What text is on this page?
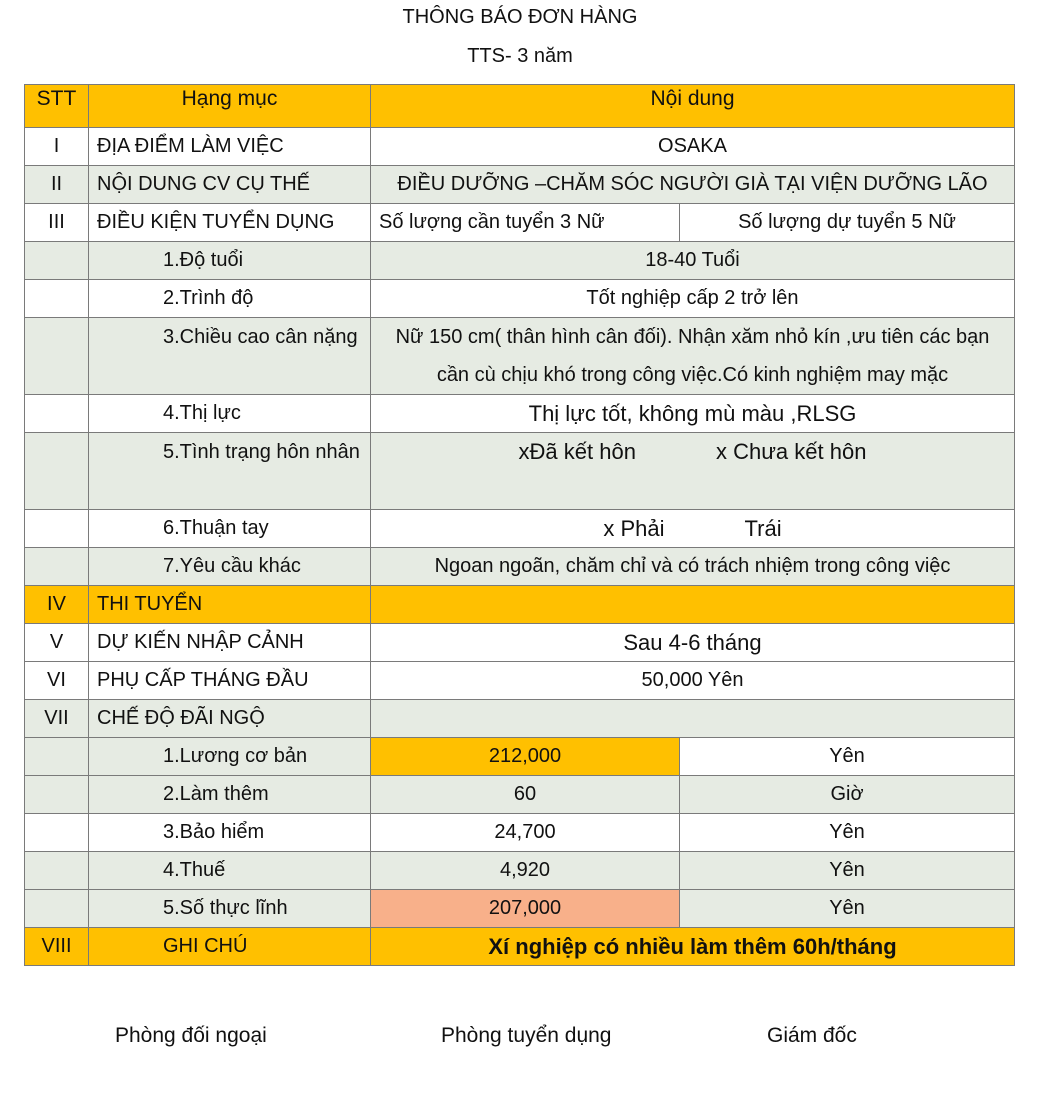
THÔNG BÁO ĐƠN HÀNG
TTS- 3 năm
STT	Hạng mục	Nội dung	
I	ĐỊA ĐIỂM LÀM VIỆC	OSAKA	
II	NỘI DUNG CV CỤ THẾ	ĐIỀU DƯỠNG –CHĂM SÓC NGƯỜI GIÀ TẠI VIỆN DƯỠNG LÃO	
III	ĐIỀU KIỆN TUYỂN DỤNG	Số lượng cần tuyển 3 Nữ	Số lượng dự tuyển 5 Nữ
	1.Độ tuổi	18-40 Tuổi	
	2.Trình độ	Tốt nghiệp cấp 2 trở lên	
	3.Chiều cao cân nặng	Nữ 150 cm( thân hình cân đối). Nhận xăm nhỏ kín ,ưu tiên các bạn cần cù chịu khó trong công việc.Có kinh nghiệm may mặc	
	4.Thị lực	Thị lực tốt, không mù màu ,RLSG	
	5.Tình trạng hôn nhân	xĐã kết hôn x Chưa kết hôn	
	6.Thuận tay	x Phải Trái	
	7.Yêu cầu khác	Ngoan ngoãn, chăm chỉ và có trách nhiệm trong công việc	
IV	THI TUYỂN		
V	DỰ KIẾN NHẬP CẢNH	Sau 4-6 tháng	
VI	PHỤ CẤP THÁNG ĐẦU	50,000 Yên	
VII	CHẾ ĐỘ ĐÃI NGỘ		
	1.Lương cơ bản	212,000	Yên
	2.Làm thêm	60	Giờ
	3.Bảo hiểm	24,700	Yên
	4.Thuế	4,920	Yên
	5.Số thực lĩnh	207,000	Yên
VIII	GHI CHÚ	Xí nghiệp có nhiều làm thêm 60h/tháng	
Phòng đối ngoại	Phòng tuyển dụng	Giám đốc
